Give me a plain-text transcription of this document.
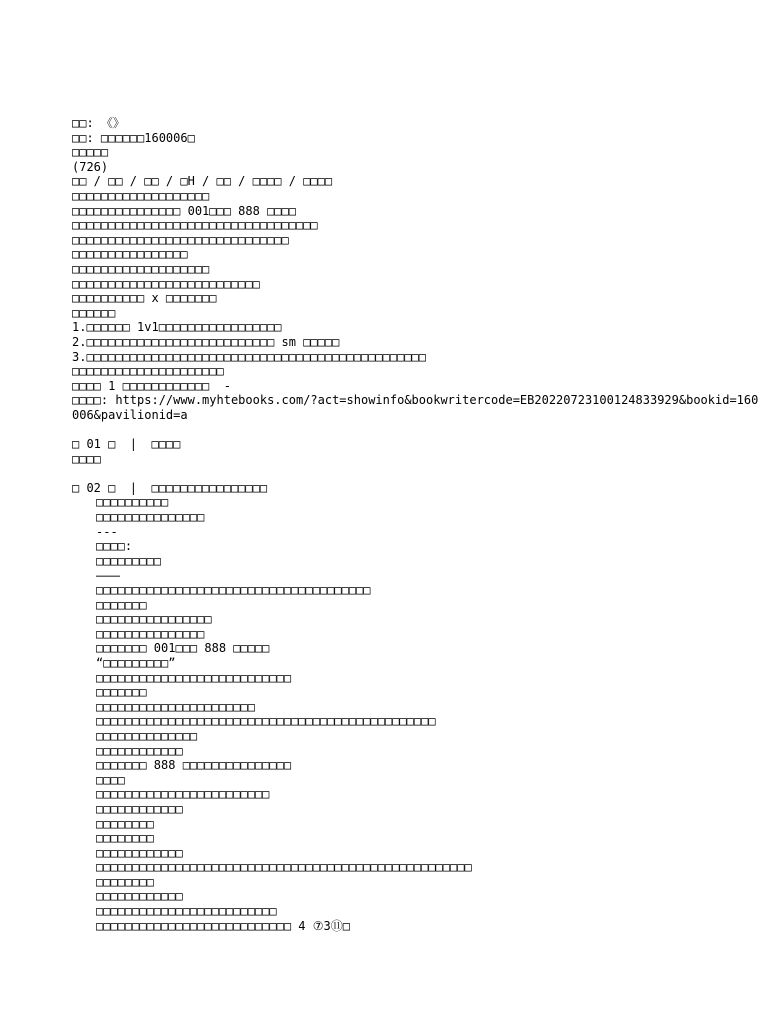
□□: 《》
□□: □□□□□□160006□
□□□□□
(726)
□□ / □□ / □□ / □H / □□ / □□□□ / □□□□
□□□□□□□□□□□□□□□□□□□
□□□□□□□□□□□□□□□ 001□□□ 888 □□□□
□□□□□□□□□□□□□□□□□□□□□□□□□□□□□□□□□□
□□□□□□□□□□□□□□□□□□□□□□□□□□□□□□
□□□□□□□□□□□□□□□□
□□□□□□□□□□□□□□□□□□□
□□□□□□□□□□□□□□□□□□□□□□□□□□
□□□□□□□□□□ x □□□□□□□
□□□□□□
1.□□□□□□ 1v1□□□□□□□□□□□□□□□□□
2.□□□□□□□□□□□□□□□□□□□□□□□□□□ sm □□□□□
3.□□□□□□□□□□□□□□□□□□□□□□□□□□□□□□□□□□□□□□□□□□□□□□□
□□□□□□□□□□□□□□□□□□□□□
□□□□ 1 □□□□□□□□□□□□  -
□□□□: https://www.myhtebooks.com/?act=showinfo&bookwritercode=EB20220723100124833929&bookid=160006&pavilionid=a
□ 01 □  |  □□□□
□□□□
□ 02 □  |  □□□□□□□□□□□□□□□□
□□□□□□□□□□
□□□□□□□□□□□□□□□
---
□□□□:
□□□□□□□□□
…………
□□□□□□□□□□□□□□□□□□□□□□□□□□□□□□□□□□□□□□
□□□□□□□
□□□□□□□□□□□□□□□□
□□□□□□□□□□□□□□□
□□□□□□□ 001□□□ 888 □□□□□
“□□□□□□□□□”
□□□□□□□□□□□□□□□□□□□□□□□□□□□
□□□□□□□
□□□□□□□□□□□□□□□□□□□□□□
□□□□□□□□□□□□□□□□□□□□□□□□□□□□□□□□□□□□□□□□□□□□□□□
□□□□□□□□□□□□□□
□□□□□□□□□□□□
□□□□□□□ 888 □□□□□□□□□□□□□□□
□□□□
□□□□□□□□□□□□□□□□□□□□□□□□
□□□□□□□□□□□□
□□□□□□□□
□□□□□□□□
□□□□□□□□□□□□
□□□□□□□□□□□□□□□□□□□□□□□□□□□□□□□□□□□□□□□□□□□□□□□□□□□□
□□□□□□□□
□□□□□□□□□□□□
□□□□□□□□□□□□□□□□□□□□□□□□□
□□□□□□□□□□□□□□□□□□□□□□□□□□□ 4 ⑦3⑪□
